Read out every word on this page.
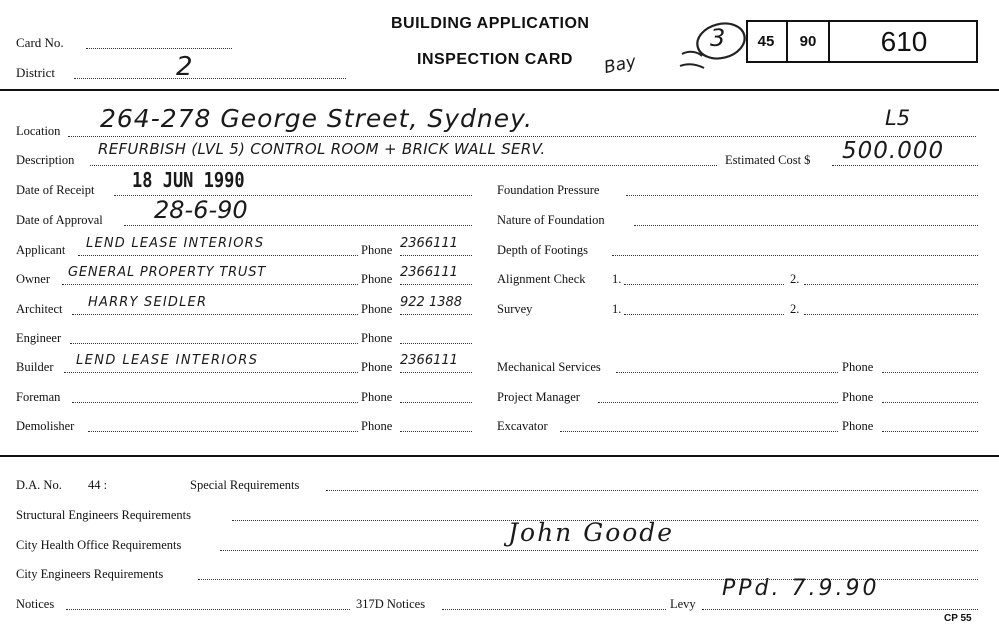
Card No.
District	2
BUILDING APPLICATION
INSPECTION CARD Bay
3	45	90	610
Location 264-278 George Street, Sydney.	L5
Description
REFURBISH (LVL 5) CONTROL ROOM + BRICK WALL SERV.
Estimated Cost $ 500.000
Date of Receipt 18 JUN 1990
Date of Approval 28-6-90
Applicant LEND LEASE INTERIORS	Phone 2366111
Owner GENERAL PROPERTY TRUST	Phone 2366111
Architect HARRY SEIDLER	Phone 922 1388
Engineer	Phone
Builder LEND LEASE INTERIORS	Phone 2366111
Foreman	Phone
Demolisher	Phone
Foundation Pressure
Nature of Foundation
Depth of Footings
Alignment Check 1.	2.
Survey	1.	2.
Mechanical Services	Phone
Project Manager	Phone
Excavator	Phone
D.A. No. 44 :	Special Requirements
Structural Engineers Requirements
City Health Office Requirements	John Goode
City Engineers Requirements
Notices	317D Notices	Levy
PPd. 7.9.90
CP 55
